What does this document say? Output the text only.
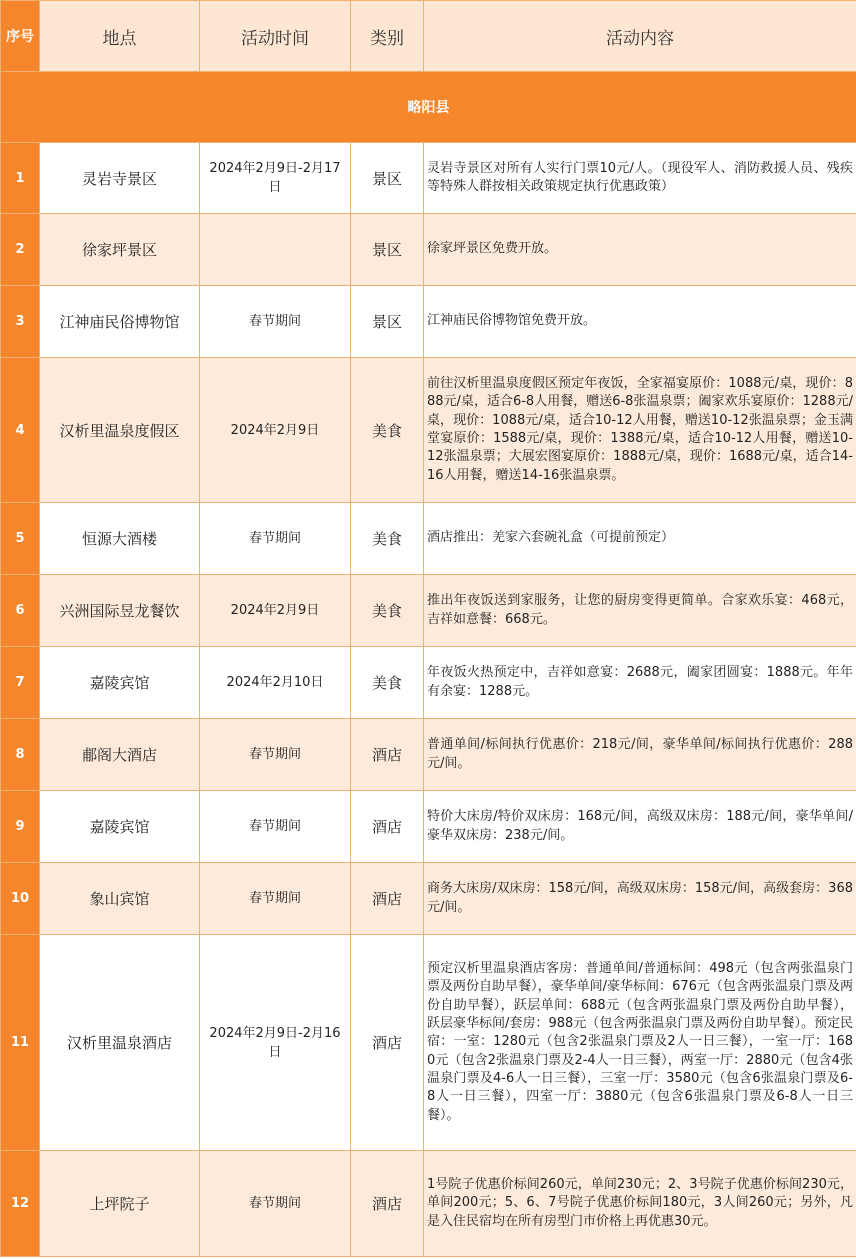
序号	地点	活动时间	类别	活动内容
略阳县				
1	灵岩寺景区	2024年2月9日-2月17日	景区	灵岩寺景区对所有人实行门票10元/人。（现役军人、消防救援人员、残疾等特殊人群按相关政策规定执行优惠政策）
2	徐家坪景区		景区	徐家坪景区免费开放。
3	江神庙民俗博物馆	春节期间	景区	江神庙民俗博物馆免费开放。
4	汉析里温泉度假区	2024年2月9日	美食	前往汉析里温泉度假区预定年夜饭，全家福宴原价：1088元/桌，现价：888元/桌，适合6-8人用餐，赠送6-8张温泉票；阖家欢乐宴原价：1288元/桌，现价：1088元/桌，适合10-12人用餐，赠送10-12张温泉票；金玉满堂宴原价：1588元/桌，现价：1388元/桌，适合10-12人用餐，赠送10-12张温泉票；大展宏图宴原价：1888元/桌，现价：1688元/桌，适合14-16人用餐，赠送14-16张温泉票。
5	恒源大酒楼	春节期间	美食	酒店推出：羌家六套碗礼盒（可提前预定）
6	兴洲国际昱龙餐饮	2024年2月9日	美食	推出年夜饭送到家服务，让您的厨房变得更简单。合家欢乐宴：468元，吉祥如意餐：668元。
7	嘉陵宾馆	2024年2月10日	美食	年夜饭火热预定中，吉祥如意宴：2688元，阖家团圆宴：1888元。年年有余宴：1288元。
8	郙阁大酒店	春节期间	酒店	普通单间/标间执行优惠价：218元/间，豪华单间/标间执行优惠价：288元/间。
9	嘉陵宾馆	春节期间	酒店	特价大床房/特价双床房：168元/间，高级双床房：188元/间，豪华单间/豪华双床房：238元/间。
10	象山宾馆	春节期间	酒店	商务大床房/双床房：158元/间，高级双床房：158元/间，高级套房：368元/间。
11	汉析里温泉酒店	2024年2月9日-2月16日	酒店	预定汉析里温泉酒店客房：普通单间/普通标间：498元（包含两张温泉门票及两份自助早餐），豪华单间/豪华标间：676元（包含两张温泉门票及两份自助早餐），跃层单间：688元（包含两张温泉门票及两份自助早餐），跃层豪华标间/套房：988元（包含两张温泉门票及两份自助早餐）。预定民宿：一室：1280元（包含2张温泉门票及2人一日三餐），一室一厅：1680元（包含2张温泉门票及2-4人一日三餐），两室一厅：2880元（包含4张温泉门票及4-6人一日三餐），三室一厅：3580元（包含6张温泉门票及6-8人一日三餐），四室一厅：3880元（包含6张温泉门票及6-8人一日三餐）。
12	上坪院子	春节期间	酒店	1号院子优惠价标间260元，单间230元；2、3号院子优惠价标间230元，单间200元；5、6、7号院子优惠价标间180元，3人间260元；另外，凡是入住民宿均在所有房型门市价格上再优惠30元。
